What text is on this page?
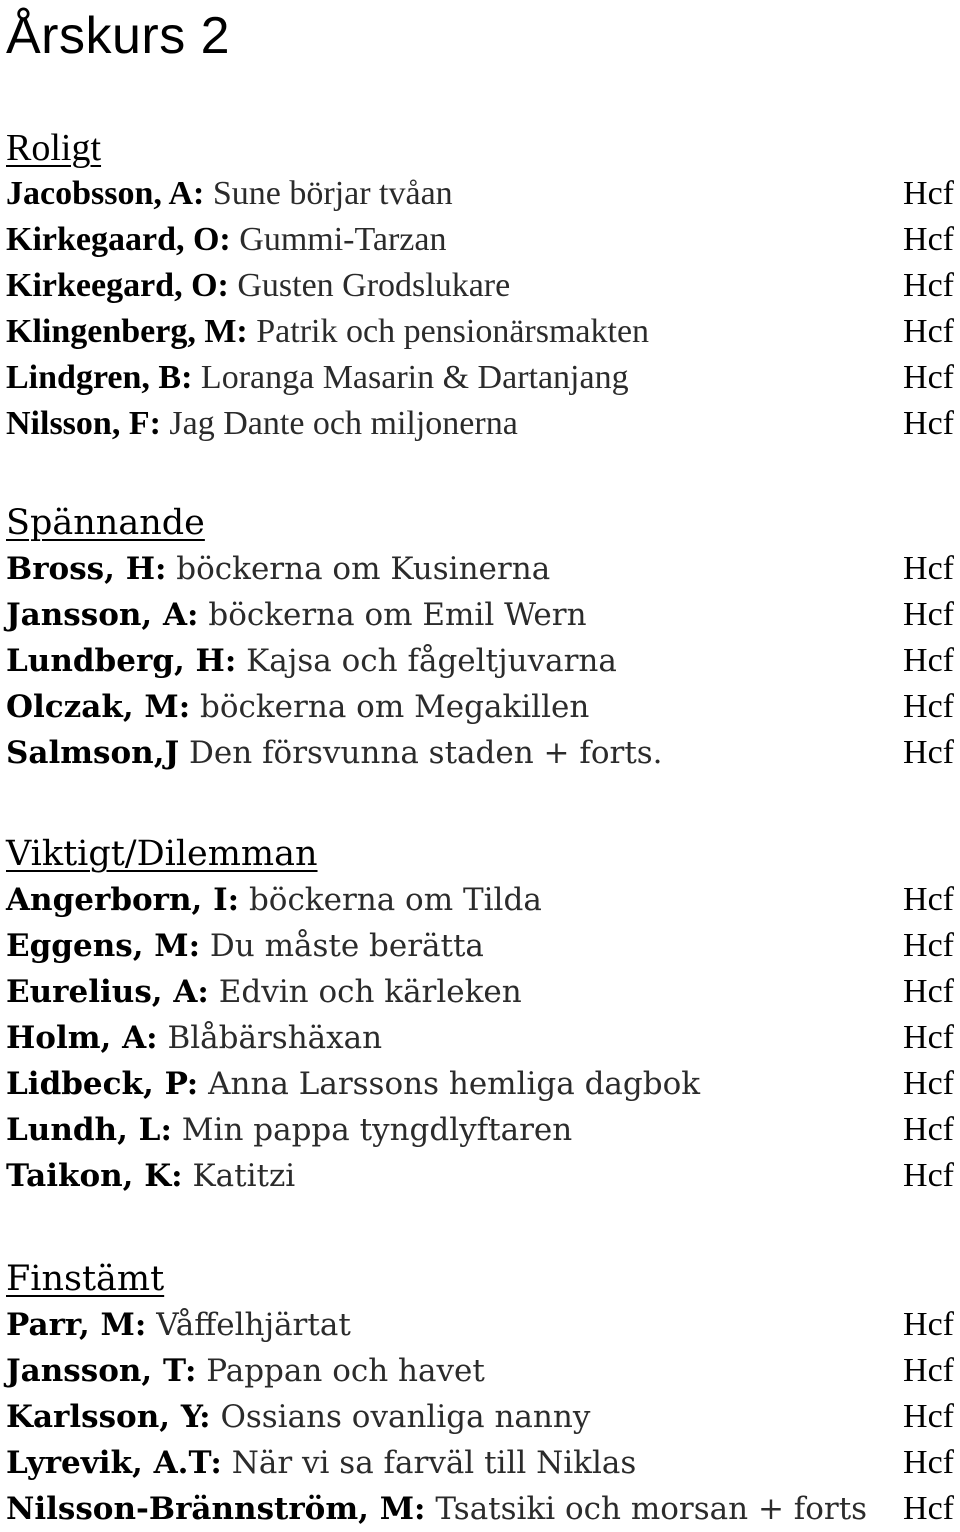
Årskurs 2
Roligt
Jacobsson, A: Sune börjar tvåan	Hcf
Kirkegaard, O: Gummi-Tarzan	Hcf
Kirkeegard, O: Gusten Grodslukare	Hcf
Klingenberg, M: Patrik och pensionärsmakten	Hcf
Lindgren, B: Loranga Masarin & Dartanjang	Hcf
Nilsson, F: Jag Dante och miljonerna	Hcf
Spännande
Bross, H: böckerna om Kusinerna	Hcf
Jansson, A: böckerna om Emil Wern	Hcf
Lundberg, H: Kajsa och fågeltjuvarna	Hcf
Olczak, M: böckerna om Megakillen	Hcf
Salmson,J Den försvunna staden + forts.	Hcf
Viktigt/Dilemman
Angerborn, I: böckerna om Tilda	Hcf
Eggens, M: Du måste berätta	Hcf
Eurelius, A: Edvin och kärleken	Hcf
Holm, A: Blåbärshäxan	Hcf
Lidbeck, P: Anna Larssons hemliga dagbok	Hcf
Lundh, L: Min pappa tyngdlyftaren	Hcf
Taikon, K: Katitzi	Hcf
Finstämt
Parr, M: Våffelhjärtat	Hcf
Jansson, T: Pappan och havet	Hcf
Karlsson, Y: Ossians ovanliga nanny	Hcf
Lyrevik, A.T: När vi sa farväl till Niklas	Hcf
Nilsson-Brännström, M: Tsatsiki och morsan + forts Hcf
